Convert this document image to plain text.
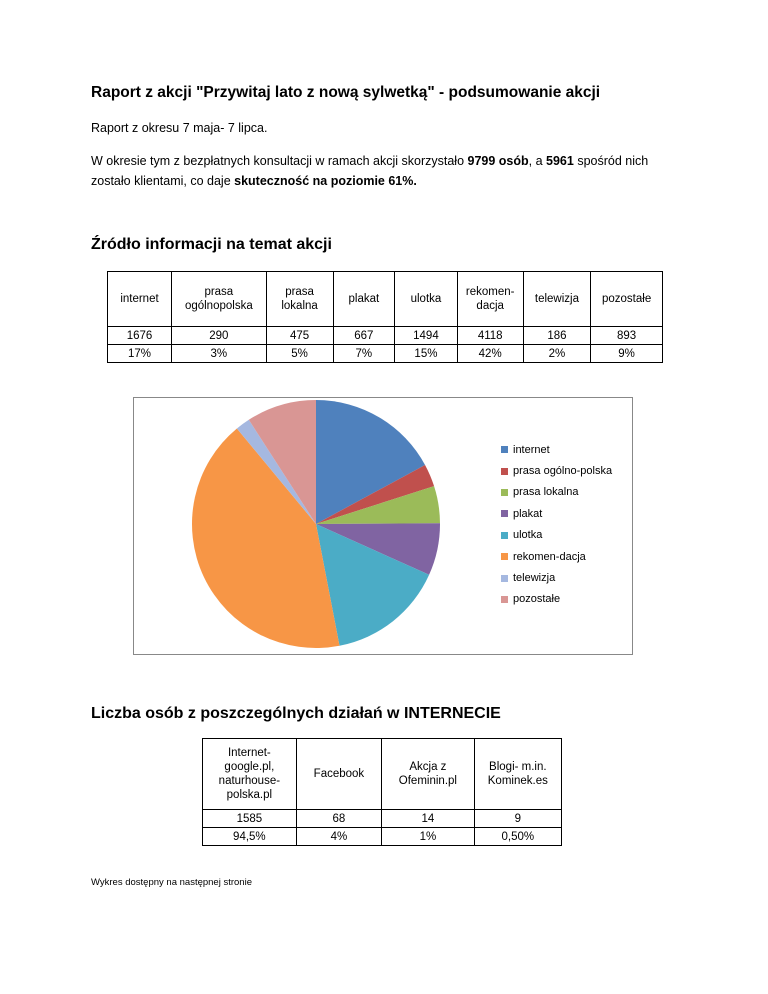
Raport z akcji "Przywitaj lato z nową sylwetką" - podsumowanie akcji

Raport z okresu 7 maja- 7 lipca.

W okresie tym z bezpłatnych konsultacji w ramach akcji skorzystało 9799 osób, a 5961 spośród nich zostało klientami, co daje skuteczność na poziomie 61%.

Źródło informacji na temat akcji
internet	prasa ogólnopolska	prasa lokalna	plakat	ulotka	rekomen- dacja	telewizja	pozostałe
1676	290	475	667	1494	4118	186	893
17%	3%	5%	7%	15%	42%	2%	9%
internet
prasa ogólno-polska
prasa lokalna
plakat
ulotka
rekomen-dacja
telewizja
pozostałe
Liczba osób z poszczególnych działań w INTERNECIE
Internet- google.pl, naturhouse- polska.pl	Facebook	Akcja z Ofeminin.pl	Blogi- m.in. Kominek.es
1585	68	14	9
94,5%	4%	1%	0,50%
Wykres dostępny na następnej stronie
